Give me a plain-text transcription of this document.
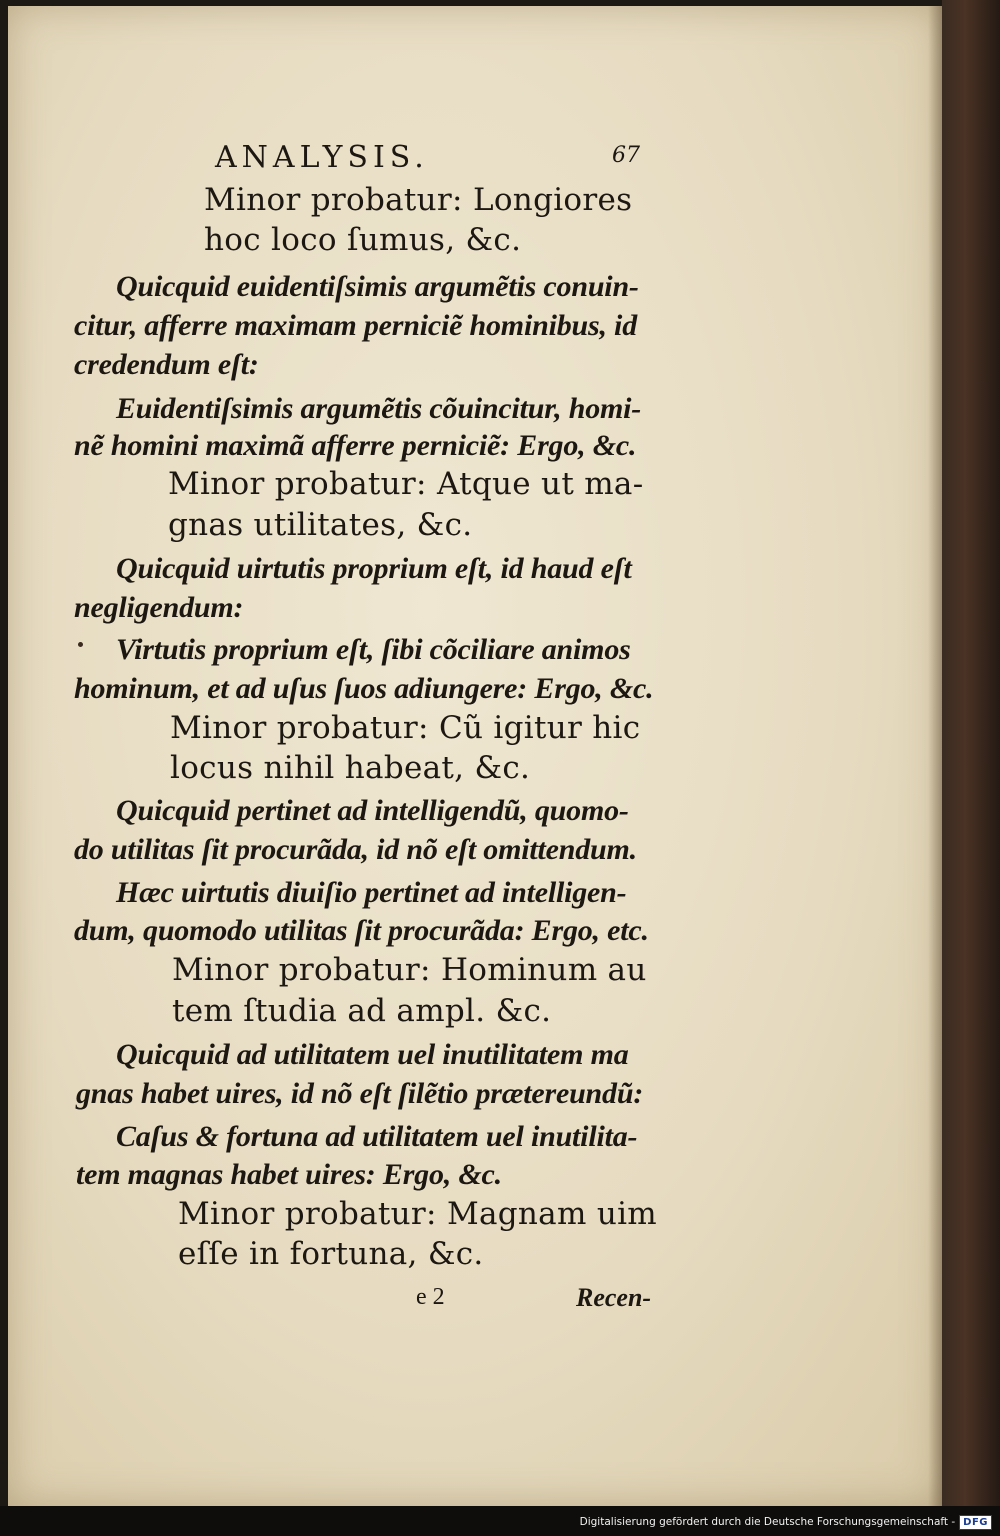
ANALYSIS.	67
Minor probatur: Longiores
hoc loco ſumus, &c.
Quicquid euidentiſsimis argumẽtis conuin-
citur, afferre maximam perniciẽ hominibus, id
credendum eſt:
Euidentiſsimis argumẽtis cõuincitur, homi-
nẽ homini maximã afferre perniciẽ: Ergo, &c.
Minor probatur: Atque ut ma-
gnas utilitates, &c.
Quicquid uirtutis proprium eſt, id haud eſt
negligendum:
Virtutis proprium eſt, ſibi cõciliare animos
hominum, et ad uſus ſuos adiungere: Ergo, &c.
Minor probatur: Cũ igitur hic
locus nihil habeat, &c.
Quicquid pertinet ad intelligendũ, quomo-
do utilitas ſit procurãda, id nõ eſt omittendum.
Hæc uirtutis diuiſio pertinet ad intelligen-
dum, quomodo utilitas ſit procurãda: Ergo, etc.
Minor probatur: Hominum au
tem ſtudia ad ampl. &c.
Quicquid ad utilitatem uel inutilitatem ma
gnas habet uires, id nõ eſt ſilẽtio prætereundũ:
Caſus & fortuna ad utilitatem uel inutilita-
tem magnas habet uires: Ergo, &c.
Minor probatur: Magnam uim
eſſe in fortuna, &c.
e 2	Recen-
Digitalisierung gefördert durch die Deutsche Forschungsgemeinschaft - DFG
